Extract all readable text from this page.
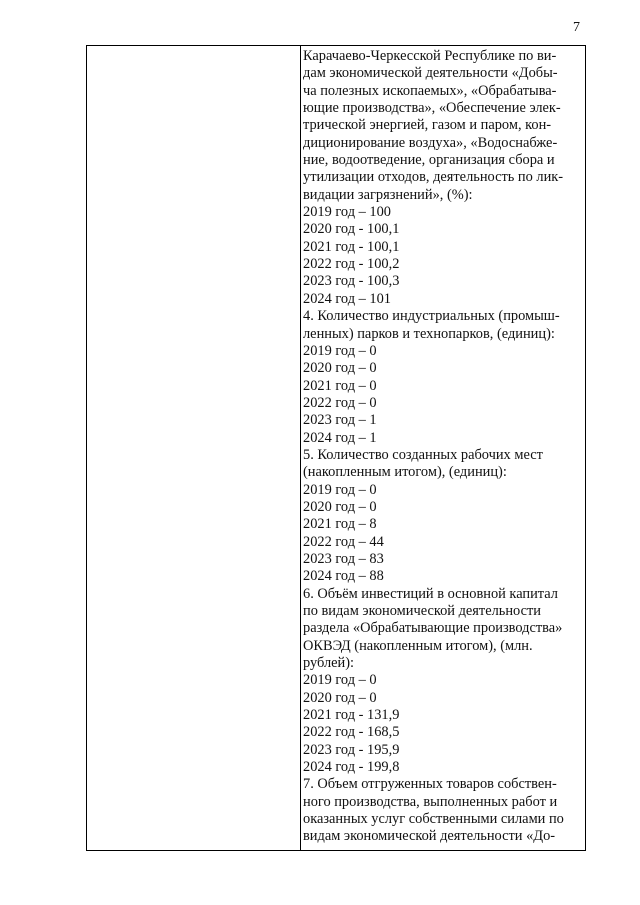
7
Карачаево-Черкесской Республике по ви-
дам экономической деятельности «Добы-
ча полезных ископаемых», «Обрабатыва-
ющие производства», «Обеспечение элек-
трической энергией, газом и паром, кон-
диционирование воздуха», «Водоснабже-
ние, водоотведение, организация сбора и
утилизации отходов, деятельность по лик-
видации загрязнений», (%):
2019 год – 100
2020 год - 100,1
2021 год - 100,1
2022 год - 100,2
2023 год - 100,3
2024 год – 101
4. Количество индустриальных (промыш-
ленных) парков и технопарков, (единиц):
2019 год – 0
2020 год – 0
2021 год – 0
2022 год – 0
2023 год – 1
2024 год – 1
5. Количество созданных рабочих мест
(накопленным итогом), (единиц):
2019 год – 0
2020 год – 0
2021 год – 8
2022 год – 44
2023 год – 83
2024 год – 88
6. Объём инвестиций в основной капитал
по видам экономической деятельности
раздела «Обрабатывающие производства»
ОКВЭД (накопленным итогом), (млн.
рублей):
2019 год – 0
2020 год – 0
2021 год - 131,9
2022 год - 168,5
2023 год - 195,9
2024 год - 199,8
7. Объем отгруженных товаров собствен-
ного производства, выполненных работ и
оказанных услуг собственными силами по
видам экономической деятельности «До-
